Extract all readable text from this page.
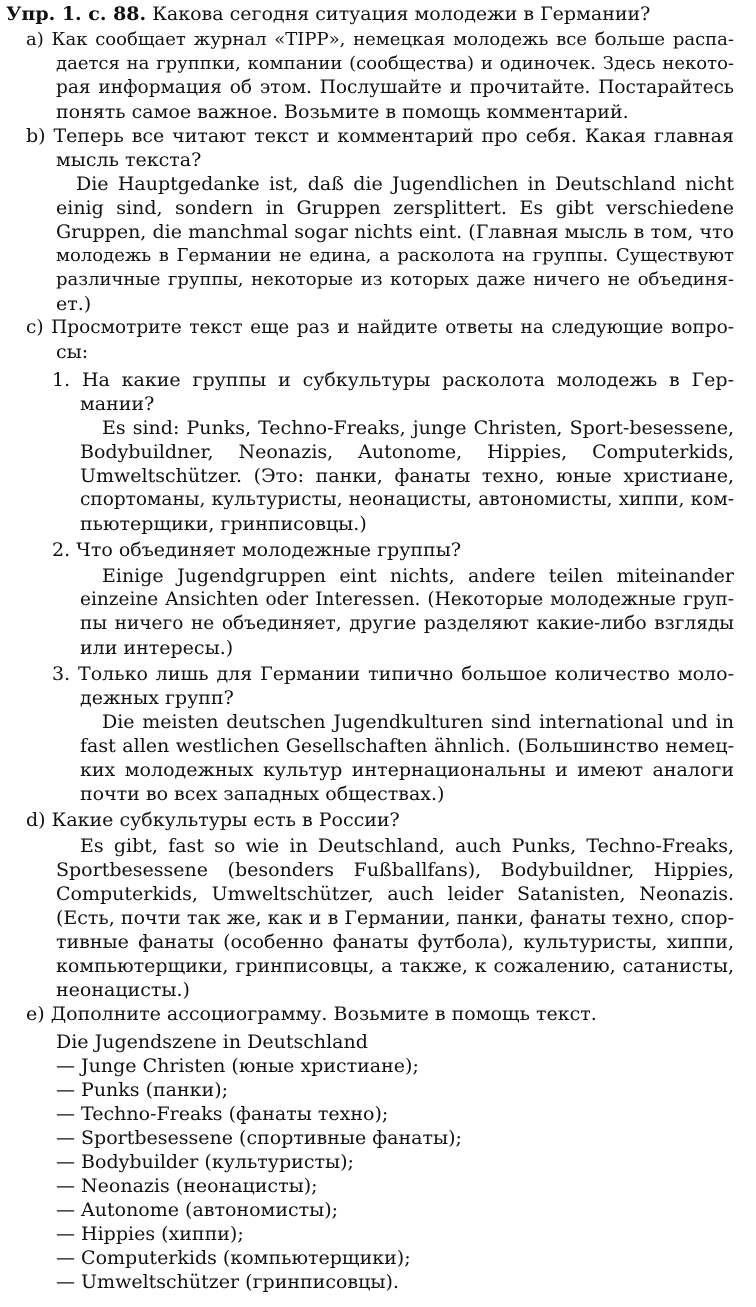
Упр. 1. с. 88. Какова сегодня ситуация молодежи в Германии?
a) Как сообщает журнал «TIPP», немецкая молодежь все больше распа-
дается на группки, компании (сообщества) и одиночек. Здесь некото-
рая информация об этом. Послушайте и прочитайте. Постарайтесь
понять самое важное. Возьмите в помощь комментарий.
b) Теперь все читают текст и комментарий про себя. Какая главная
мысль текста?
Die Hauptgedanke ist, daß die Jugendlichen in Deutschland nicht
einig sind, sondern in Gruppen zersplittert. Es gibt verschiedene
Gruppen, die manchmal sogar nichts eint. (Главная мысль в том, что
молодежь в Германии не едина, а расколота на группы. Существуют
различные группы, некоторые из которых даже ничего не объединя-
ет.)
c) Просмотрите текст еще раз и найдите ответы на следующие вопро-
сы:
1. На какие группы и субкультуры расколота молодежь в Гер-
мании?
Es sind: Punks, Techno-Freaks, junge Christen, Sport-besessene,
Bodybuildner, Neonazis, Autonome, Hippies, Computerkids,
Umweltschützer. (Это: панки, фанаты техно, юные христиане,
спортоманы, культуристы, неонацисты, автономисты, хиппи, ком-
пьютерщики, гринписовцы.)
2. Что объединяет молодежные группы?
Einige Jugendgruppen eint nichts, andere teilen miteinander
einzeine Ansichten oder Interessen. (Некоторые молодежные груп-
пы ничего не объединяет, другие разделяют какие-либо взгляды
или интересы.)
3. Только лишь для Германии типично большое количество моло-
дежных групп?
Die meisten deutschen Jugendkulturen sind international und in
fast allen westlichen Gesellschaften ähnlich. (Большинство немец-
ких молодежных культур интернациональны и имеют аналоги
почти во всех западных обществах.)
d) Какие субкультуры есть в России?
Es gibt, fast so wie in Deutschland, auch Punks, Techno-Freaks,
Sportbesessene (besonders Fußballfans), Bodybuildner, Hippies,
Computerkids, Umweltschützer, auch leider Satanisten, Neonazis.
(Есть, почти так же, как и в Германии, панки, фанаты техно, спор-
тивные фанаты (особенно фанаты футбола), культуристы, хиппи,
компьютерщики, гринписовцы, а также, к сожалению, сатанисты,
неонацисты.)
e) Дополните ассоциограмму. Возьмите в помощь текст.
Die Jugendszene in Deutschland
— Junge Christen (юные христиане);
— Punks (панки);
— Techno-Freaks (фанаты техно);
— Sportbesessene (спортивные фанаты);
— Bodybuilder (культуристы);
— Neonazis (неонацисты);
— Autonome (автономисты);
— Hippies (хиппи);
— Computerkids (компьютерщики);
— Umweltschützer (гринписовцы).
